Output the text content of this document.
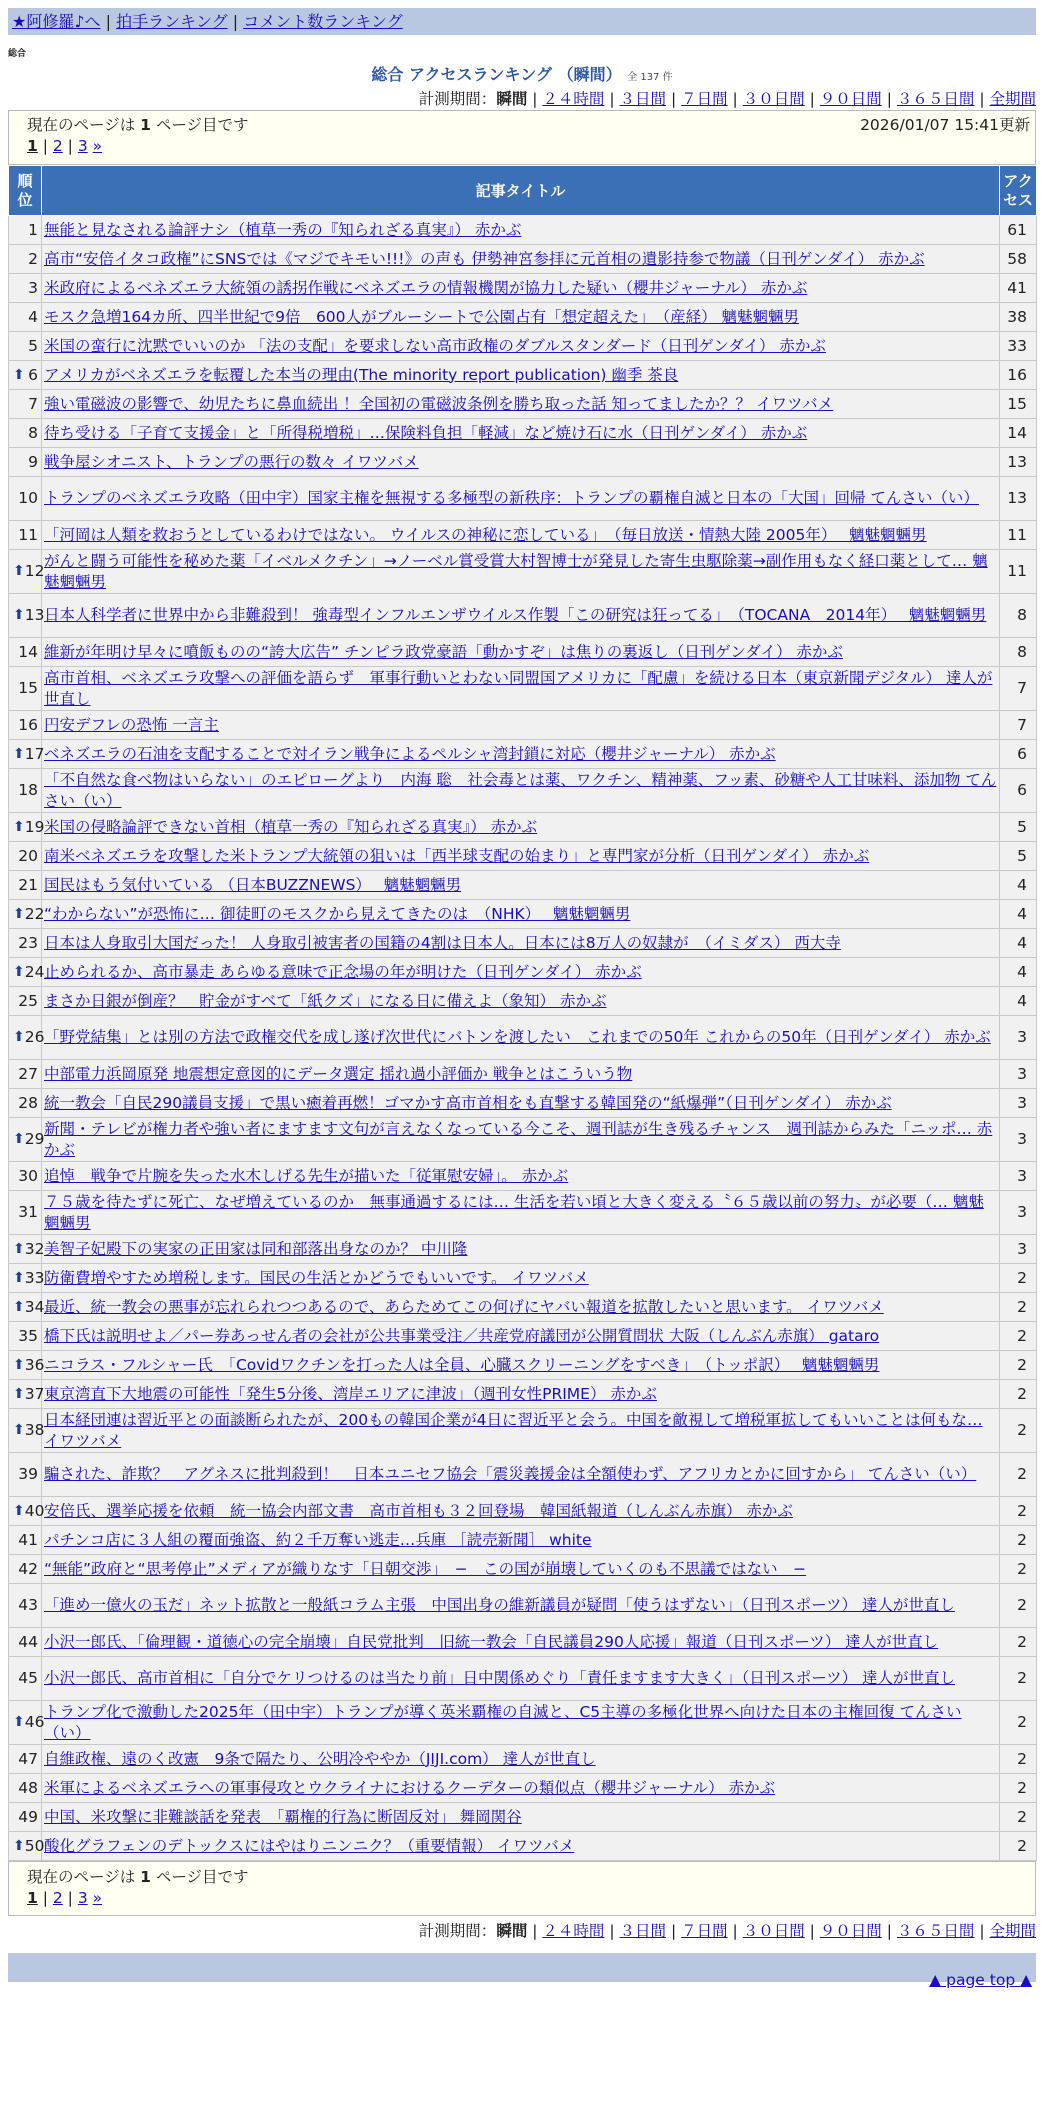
★阿修羅♪へ | 拍手ランキング | コメント数ランキング
総合
総合 アクセスランキング （瞬間） 全 137 件
計測期間：瞬間 | ２４時間 | ３日間 | ７日間 | ３０日間 | ９０日間 | ３６５日間 | 全期間
現在のページは 1 ページ目です	2026/01/07 15:41更新
1 | 2 | 3 »
順位	記事タイトル	アクセス

1	無能と見なされる論評ナシ（植草一秀の『知られざる真実』） 赤かぶ	61
2	高市“安倍イタコ政権”にSNSでは《マジでキモい!!!》の声も 伊勢神宮参拝に元首相の遺影持参で物議（日刊ゲンダイ） 赤かぶ	58
3	米政府によるベネズエラ大統領の誘拐作戦にベネズエラの情報機関が協力した疑い（櫻井ジャーナル） 赤かぶ	41
4	モスク急増164カ所、四半世紀で9倍　600人がブルーシートで公園占有「想定超えた」　（産経） 魑魅魍魎男	38
5	米国の蛮行に沈黙でいいのか 「法の支配」を要求しない高市政権のダブルスタンダード（日刊ゲンダイ） 赤かぶ	33

⬆ 6	アメリカがベネズエラを転覆した本当の理由(The minority report publication) 幽季 茶良	16
7	強い電磁波の影響で、幼児たちに鼻血続出 ！全国初の電磁波条例を勝ち取った話 知ってましたか？？ イワツバメ	15
8	待ち受ける「子育て支援金」と「所得税増税」…保険料負担「軽減」など焼け石に水（日刊ゲンダイ） 赤かぶ	14
9	戦争屋シオニスト、トランプの悪行の数々 イワツバメ	13
10	トランプのベネズエラ攻略（田中宇）国家主権を無視する多極型の新秩序：トランプの覇権自滅と日本の「大国」回帰 てんさい（い）	13
11	「河岡は人類を救おうとしているわけではない。 ウイルスの神秘に恋している」　（毎日放送・情熱大陸 2005年）　 魑魅魍魎男	11

⬆ 12	がんと闘う可能性を秘めた薬「イベルメクチン」→ノーベル賞受賞大村智博士が発見した寄生虫駆除薬→副作用もなく経口薬として… 魑魅魍魎男	11

⬆ 13	日本人科学者に世界中から非難殺到！ 強毒型インフルエンザウイルス作製「この研究は狂ってる」　（TOCANA　2014年）　 魑魅魍魎男	8
14	維新が年明け早々に噴飯ものの“誇大広告” チンピラ政党豪語「動かすぞ」は焦りの裏返し（日刊ゲンダイ） 赤かぶ	8
15	高市首相、ベネズエラ攻撃への評価を語らず　軍事行動いとわない同盟国アメリカに「配慮」を続ける日本（東京新聞デジタル） 達人が世直し	7
16	円安デフレの恐怖 一言主	7

⬆ 17	ベネズエラの石油を支配することで対イラン戦争によるペルシャ湾封鎖に対応（櫻井ジャーナル） 赤かぶ	6
18	「不自然な食べ物はいらない」のエピローグより　内海 聡　社会毒とは薬、ワクチン、精神薬、フッ素、砂糖や人工甘味料、添加物 てんさい（い）	6

⬆ 19	米国の侵略論評できない首相（植草一秀の『知られざる真実』） 赤かぶ	5
20	南米ベネズエラを攻撃した米トランプ大統領の狙いは「西半球支配の始まり」と専門家が分析（日刊ゲンダイ） 赤かぶ	5
21	国民はもう気付いている （日本BUZZNEWS）　 魑魅魍魎男	4

⬆ 22	“わからない”が恐怖に… 御徒町のモスクから見えてきたのは　（NHK）　 魑魅魍魎男	4
23	日本は人身取引大国だった！ 人身取引被害者の国籍の4割は日本人。日本には8万人の奴隷が　（イミダス） 西大寺	4

⬆ 24	止められるか、高市暴走 あらゆる意味で正念場の年が明けた（日刊ゲンダイ） 赤かぶ	4
25	まさか日銀が倒産？　貯金がすべて「紙クズ」になる日に備えよ（象知） 赤かぶ	4

⬆ 26	「野党結集」とは別の方法で政権交代を成し遂げ次世代にバトンを渡したい　これまでの50年 これからの50年（日刊ゲンダイ） 赤かぶ	3
27	中部電力浜岡原発 地震想定意図的にデータ選定 揺れ過小評価か 戦争とはこういう物	3
28	統一教会「自民290議員支援」で黒い癒着再燃！ゴマかす高市首相をも直撃する韓国発の“紙爆弾”（日刊ゲンダイ） 赤かぶ	3

⬆ 29	新聞・テレビが権力者や強い者にますます文句が言えなくなっている今こそ、週刊誌が生き残るチャンス　週刊誌からみた「ニッポ… 赤かぶ	3
30	追悼　戦争で片腕を失った水木しげる先生が描いた「従軍慰安婦」。 赤かぶ	3
31	７５歳を待たずに死亡、なぜ増えているのか　無事通過するには… 生活を若い頃と大きく変える〝６５歳以前の努力〟が必要（… 魑魅魍魎男	3

⬆ 32	美智子妃殿下の実家の正田家は同和部落出身なのか？ 中川隆	3

⬆ 33	防衛費増やすため増税します。国民の生活とかどうでもいいです。 イワツバメ	2

⬆ 34	最近、統一教会の悪事が忘れられつつあるので、あらためてこの何げにヤバい報道を拡散したいと思います。 イワツバメ	2
35	橋下氏は説明せよ／パー券あっせん者の会社が公共事業受注／共産党府議団が公開質問状 大阪（しんぶん赤旗） gataro	2

⬆ 36	ニコラス・フルシャー氏　「Covidワクチンを打った人は全員、心臓スクリーニングをすべき」　（トッポ訳）　 魑魅魍魎男	2

⬆ 37	東京湾直下大地震の可能性「発生5分後、湾岸エリアに津波」（週刊女性PRIME） 赤かぶ	2

⬆ 38	日本経団連は習近平との面談断られたが、200もの韓国企業が4日に習近平と会う。中国を敵視して増税軍拡してもいいことは何もな… イワツバメ	2
39	騙された、詐欺？　アグネスに批判殺到！　日本ユニセフ協会「震災義援金は全額使わず、アフリカとかに回すから」 てんさい（い）	2

⬆ 40	安倍氏、選挙応援を依頼　統一協会内部文書　高市首相も３２回登場　韓国紙報道（しんぶん赤旗） 赤かぶ	2
41	パチンコ店に３人組の覆面強盗、約２千万奪い逃走…兵庫 ［読売新聞］ white	2
42	“無能”政府と“思考停止”メディアが織りなす「日朝交渉」　−　この国が崩壊していくのも不思議ではない　−	2
43	「進め一億火の玉だ」ネット拡散と一般紙コラム主張　中国出身の維新議員が疑問「使うはずない」（日刊スポーツ） 達人が世直し	2
44	小沢一郎氏、「倫理観・道徳心の完全崩壊」自民党批判　旧統一教会「自民議員290人応援」報道（日刊スポーツ） 達人が世直し	2
45	小沢一郎氏、高市首相に「自分でケリつけるのは当たり前」日中関係めぐり「責任ますます大きく」（日刊スポーツ） 達人が世直し	2

⬆ 46	トランプ化で激動した2025年（田中宇）トランプが導く英米覇権の自滅と、C5主導の多極化世界へ向けた日本の主権回復 てんさい（い）	2
47	自維政権、遠のく改憲　9条で隔たり、公明冷ややか（JIJI.com） 達人が世直し	2
48	米軍によるベネズエラへの軍事侵攻とウクライナにおけるクーデターの類似点（櫻井ジャーナル） 赤かぶ	2
49	中国、米攻撃に非難談話を発表　「覇権的行為に断固反対」 舞岡関谷	2

⬆ 50	酸化グラフェンのデトックスにはやはりニンニク？（重要情報） イワツバメ	2
現在のページは 1 ページ目です
1 | 2 | 3 »
計測期間：瞬間 | ２４時間 | ３日間 | ７日間 | ３０日間 | ９０日間 | ３６５日間 | 全期間
▲ page top ▲
